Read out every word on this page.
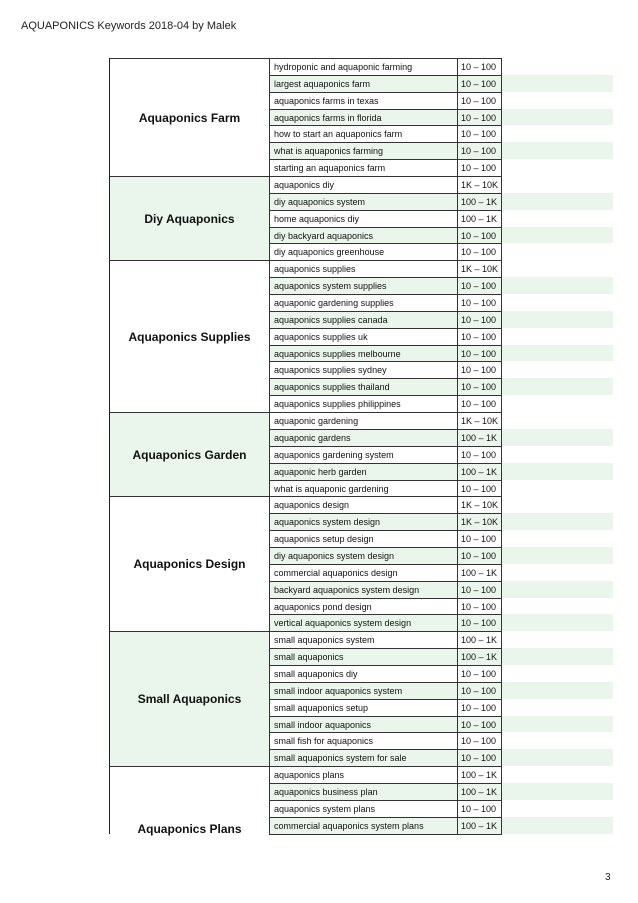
AQUAPONICS Keywords 2018-04 by Malek
Aquaponics Farm
hydroponic and aquaponic farming	10 – 100
largest aquaponics farm	10 – 100
aquaponics farms in texas	10 – 100
aquaponics farms in florida	10 – 100
how to start an aquaponics farm	10 – 100
what is aquaponics farming	10 – 100
starting an aquaponics farm	10 – 100
Diy Aquaponics
aquaponics diy	1K – 10K
diy aquaponics system	100 – 1K
home aquaponics diy	100 – 1K
diy backyard aquaponics	10 – 100
diy aquaponics greenhouse	10 – 100
Aquaponics Supplies
aquaponics supplies	1K – 10K
aquaponics system supplies	10 – 100
aquaponic gardening supplies	10 – 100
aquaponics supplies canada	10 – 100
aquaponics supplies uk	10 – 100
aquaponics supplies melbourne	10 – 100
aquaponics supplies sydney	10 – 100
aquaponics supplies thailand	10 – 100
aquaponics supplies philippines	10 – 100
Aquaponics Garden
aquaponic gardening	1K – 10K
aquaponic gardens	100 – 1K
aquaponics gardening system	10 – 100
aquaponic herb garden	100 – 1K
what is aquaponic gardening	10 – 100
Aquaponics Design
aquaponics design	1K – 10K
aquaponics system design	1K – 10K
aquaponics setup design	10 – 100
diy aquaponics system design	10 – 100
commercial aquaponics design	100 – 1K
backyard aquaponics system design	10 – 100
aquaponics pond design	10 – 100
vertical aquaponics system design	10 – 100
Small Aquaponics
small aquaponics system	100 – 1K
small aquaponics	100 – 1K
small aquaponics diy	10 – 100
small indoor aquaponics system	10 – 100
small aquaponics setup	10 – 100
small indoor aquaponics	10 – 100
small fish for aquaponics	10 – 100
small aquaponics system for sale	10 – 100
Aquaponics Plans
aquaponics plans	100 – 1K
aquaponics business plan	100 – 1K
aquaponics system plans	10 – 100
commercial aquaponics system plans	100 – 1K
3
